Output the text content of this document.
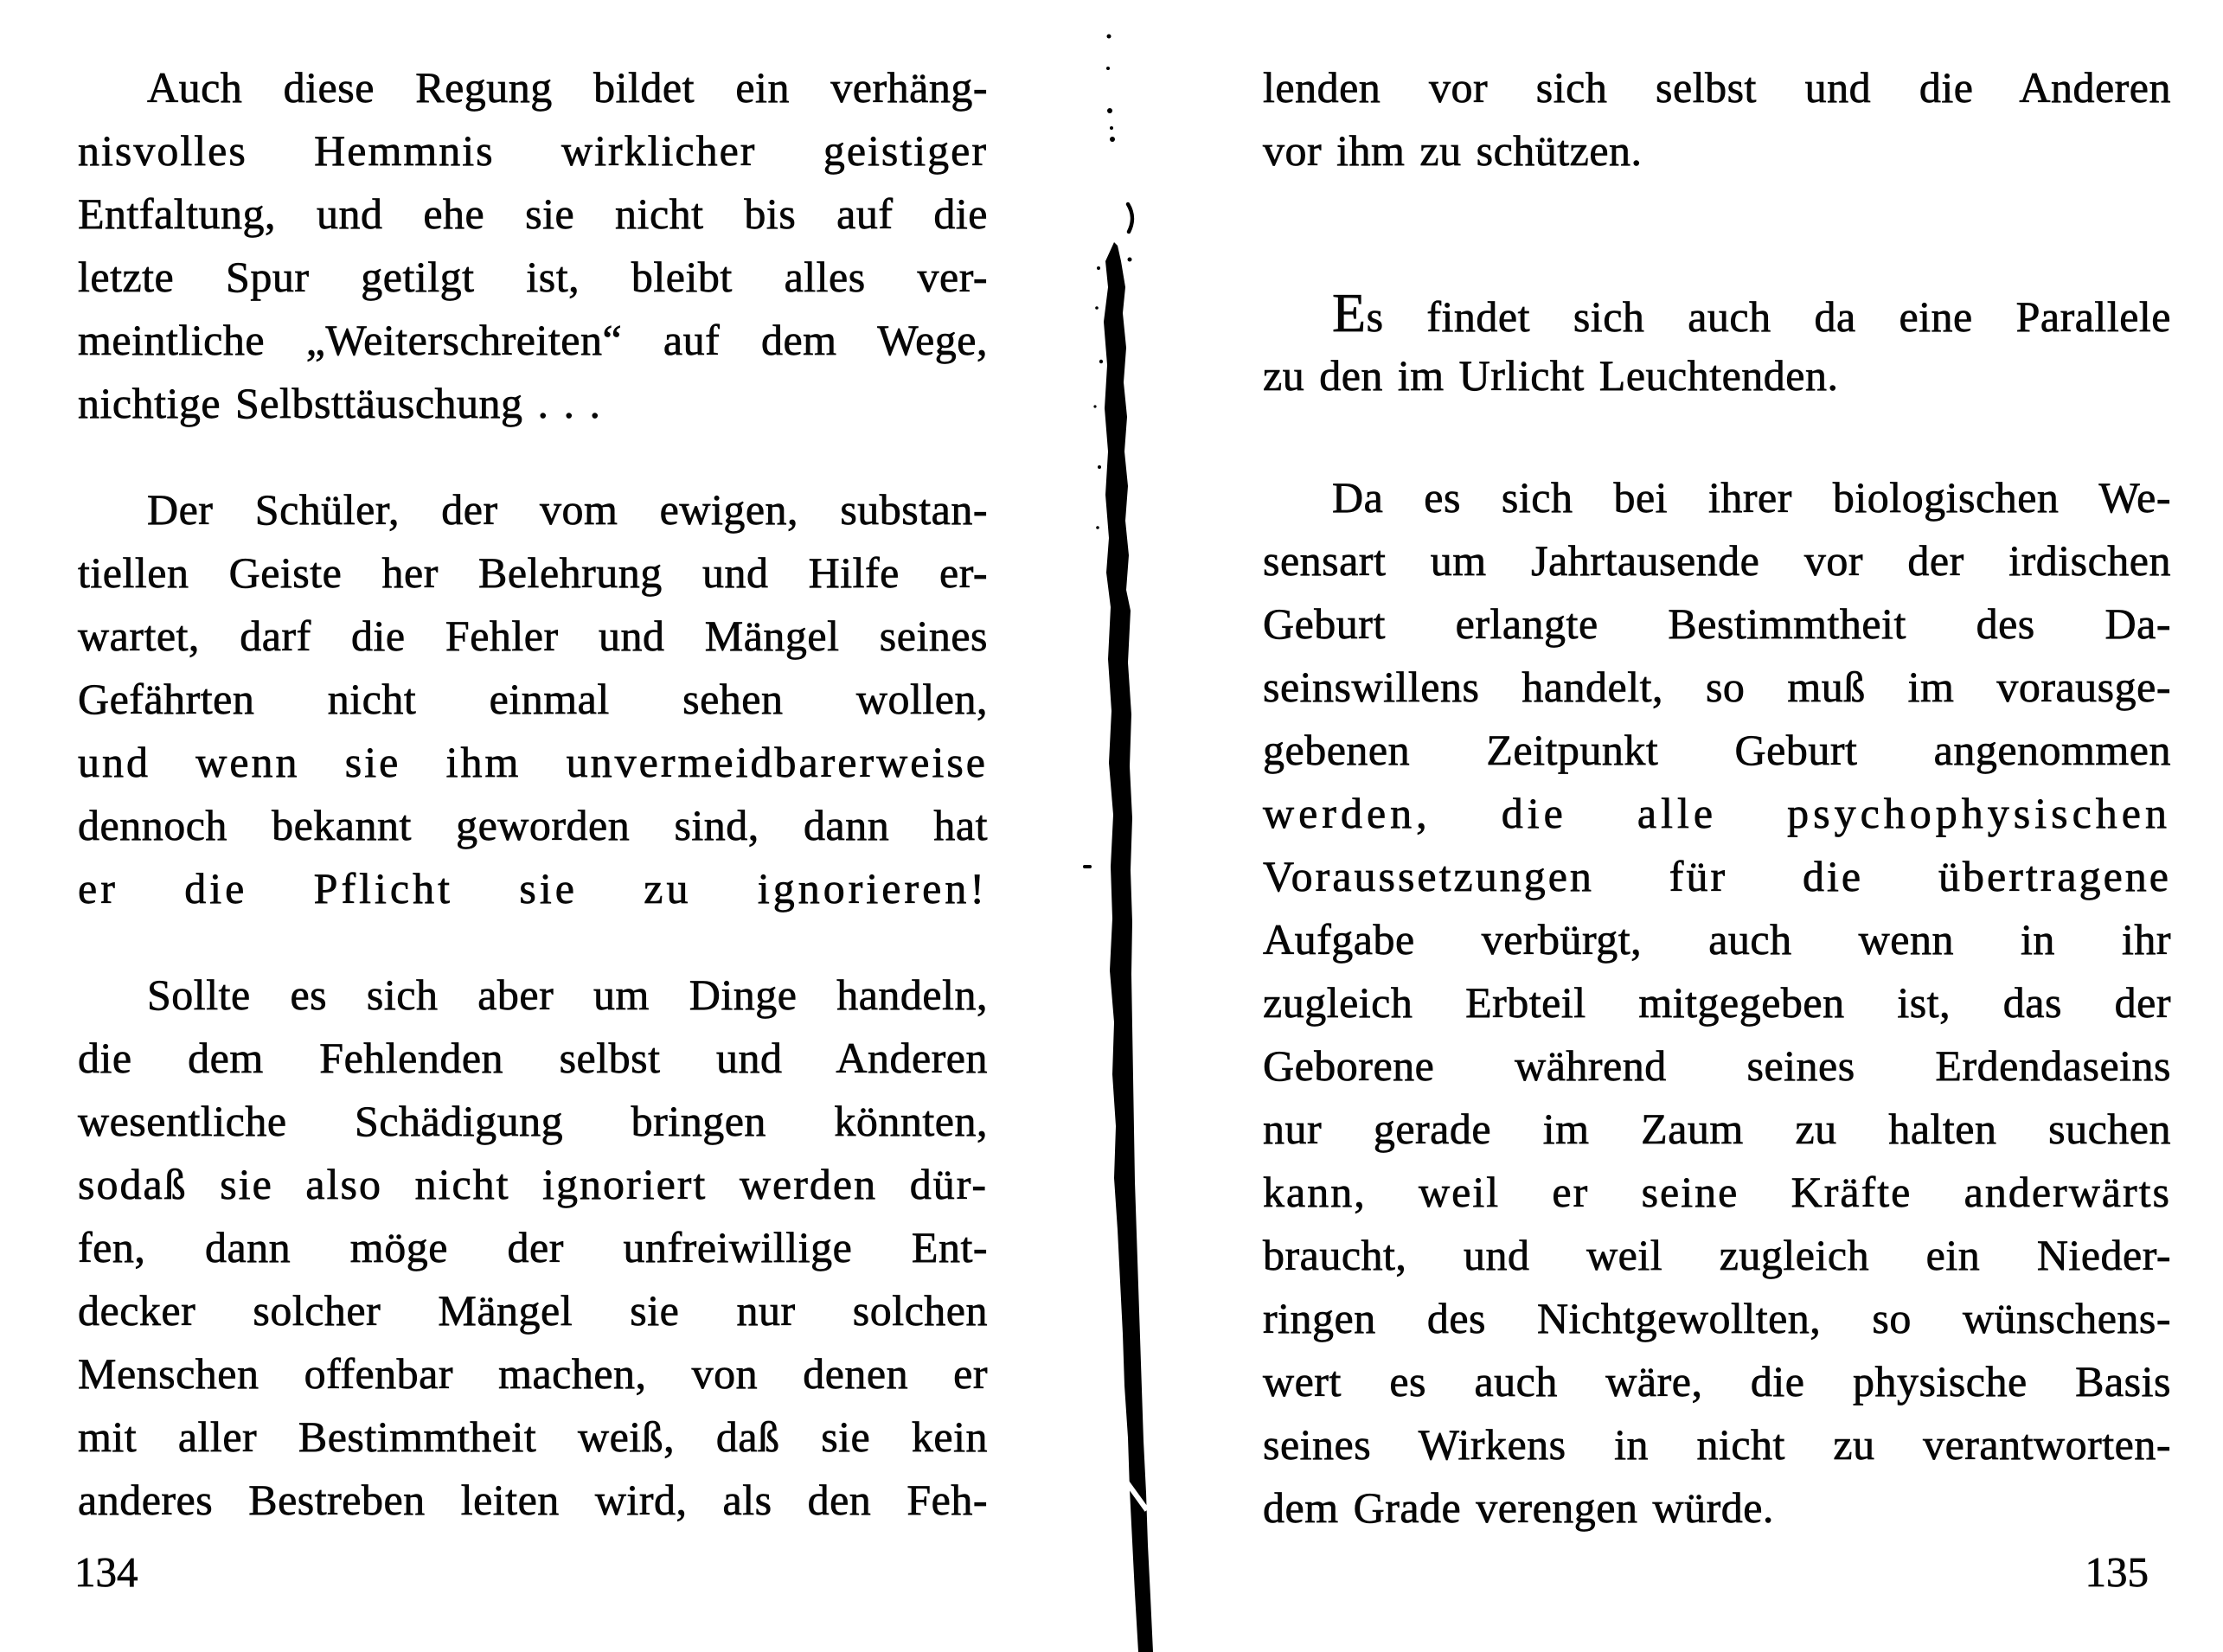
Auch diese Regung bildet ein verhäng-
nisvolles Hemmnis wirklicher geistiger
Entfaltung, und ehe sie nicht bis auf die
letzte Spur getilgt ist, bleibt alles ver-
meintliche „Weiterschreiten“ auf dem Wege,
nichtige Selbsttäuschung . . .
Der Schüler, der vom ewigen, substan-
tiellen Geiste her Belehrung und Hilfe er-
wartet, darf die Fehler und Mängel seines
Gefährten nicht einmal sehen wollen,
und wenn sie ihm unvermeidbarerweise
dennoch bekannt geworden sind, dann hat
er die Pflicht sie zu ignorieren!
Sollte es sich aber um Dinge handeln,
die dem Fehlenden selbst und Anderen
wesentliche Schädigung bringen könnten,
sodaß sie also nicht ignoriert werden dür-
fen, dann möge der unfreiwillige Ent-
decker solcher Mängel sie nur solchen
Menschen offenbar machen, von denen er
mit aller Bestimmtheit weiß, daß sie kein
anderes Bestreben leiten wird, als den Feh-
134
lenden vor sich selbst und die Anderen
vor ihm zu schützen.
Es findet sich auch da eine Parallele
zu den im Urlicht Leuchtenden.
Da es sich bei ihrer biologischen We-
sensart um Jahrtausende vor der irdischen
Geburt erlangte Bestimmtheit des Da-
seinswillens handelt, so muß im vorausge-
gebenen Zeitpunkt Geburt angenommen
werden, die alle psychophysischen
Voraussetzungen für die übertragene
Aufgabe verbürgt, auch wenn in ihr
zugleich Erbteil mitgegeben ist, das der
Geborene während seines Erdendaseins
nur gerade im Zaum zu halten suchen
kann, weil er seine Kräfte anderwärts
braucht, und weil zugleich ein Nieder-
ringen des Nichtgewollten, so wünschens-
wert es auch wäre, die physische Basis
seines Wirkens in nicht zu verantworten-
dem Grade verengen würde.
135
